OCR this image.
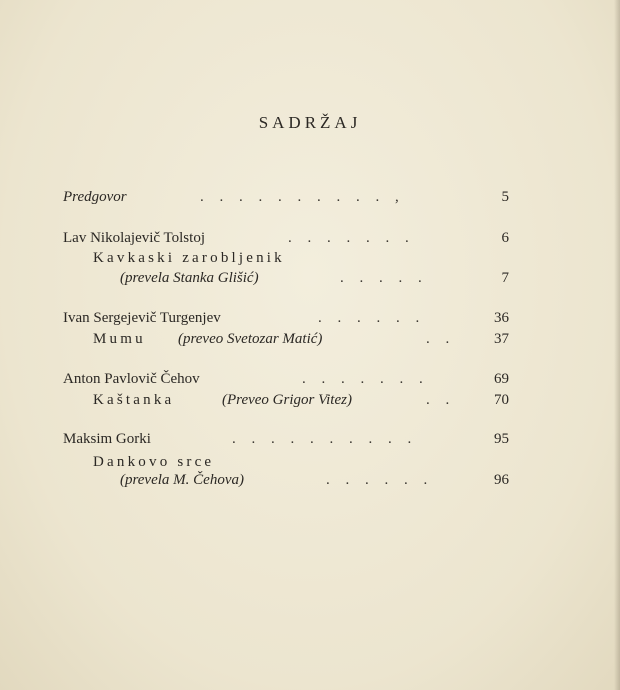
SADRŽAJ
Predgovor	. . . . . . . . . . ,	5
Lav Nikolajevič Tolstoj	. . . . . . .	6
Kavkaski zarobljenik
(prevela Stanka Glišić)	. . . . .	7
Ivan Sergejevič Turgenjev	. . . . . .	36
Mumu (preveo Svetozar Matić)	. .	37
Anton Pavlovič Čehov	. . . . . . .	69
Kaštanka	(Preveo Grigor Vitez)	. .	70
Maksim Gorki	. . . . . . . . . .	95
Dankovo srce
(prevela M. Čehova)	. . . . . .	96
